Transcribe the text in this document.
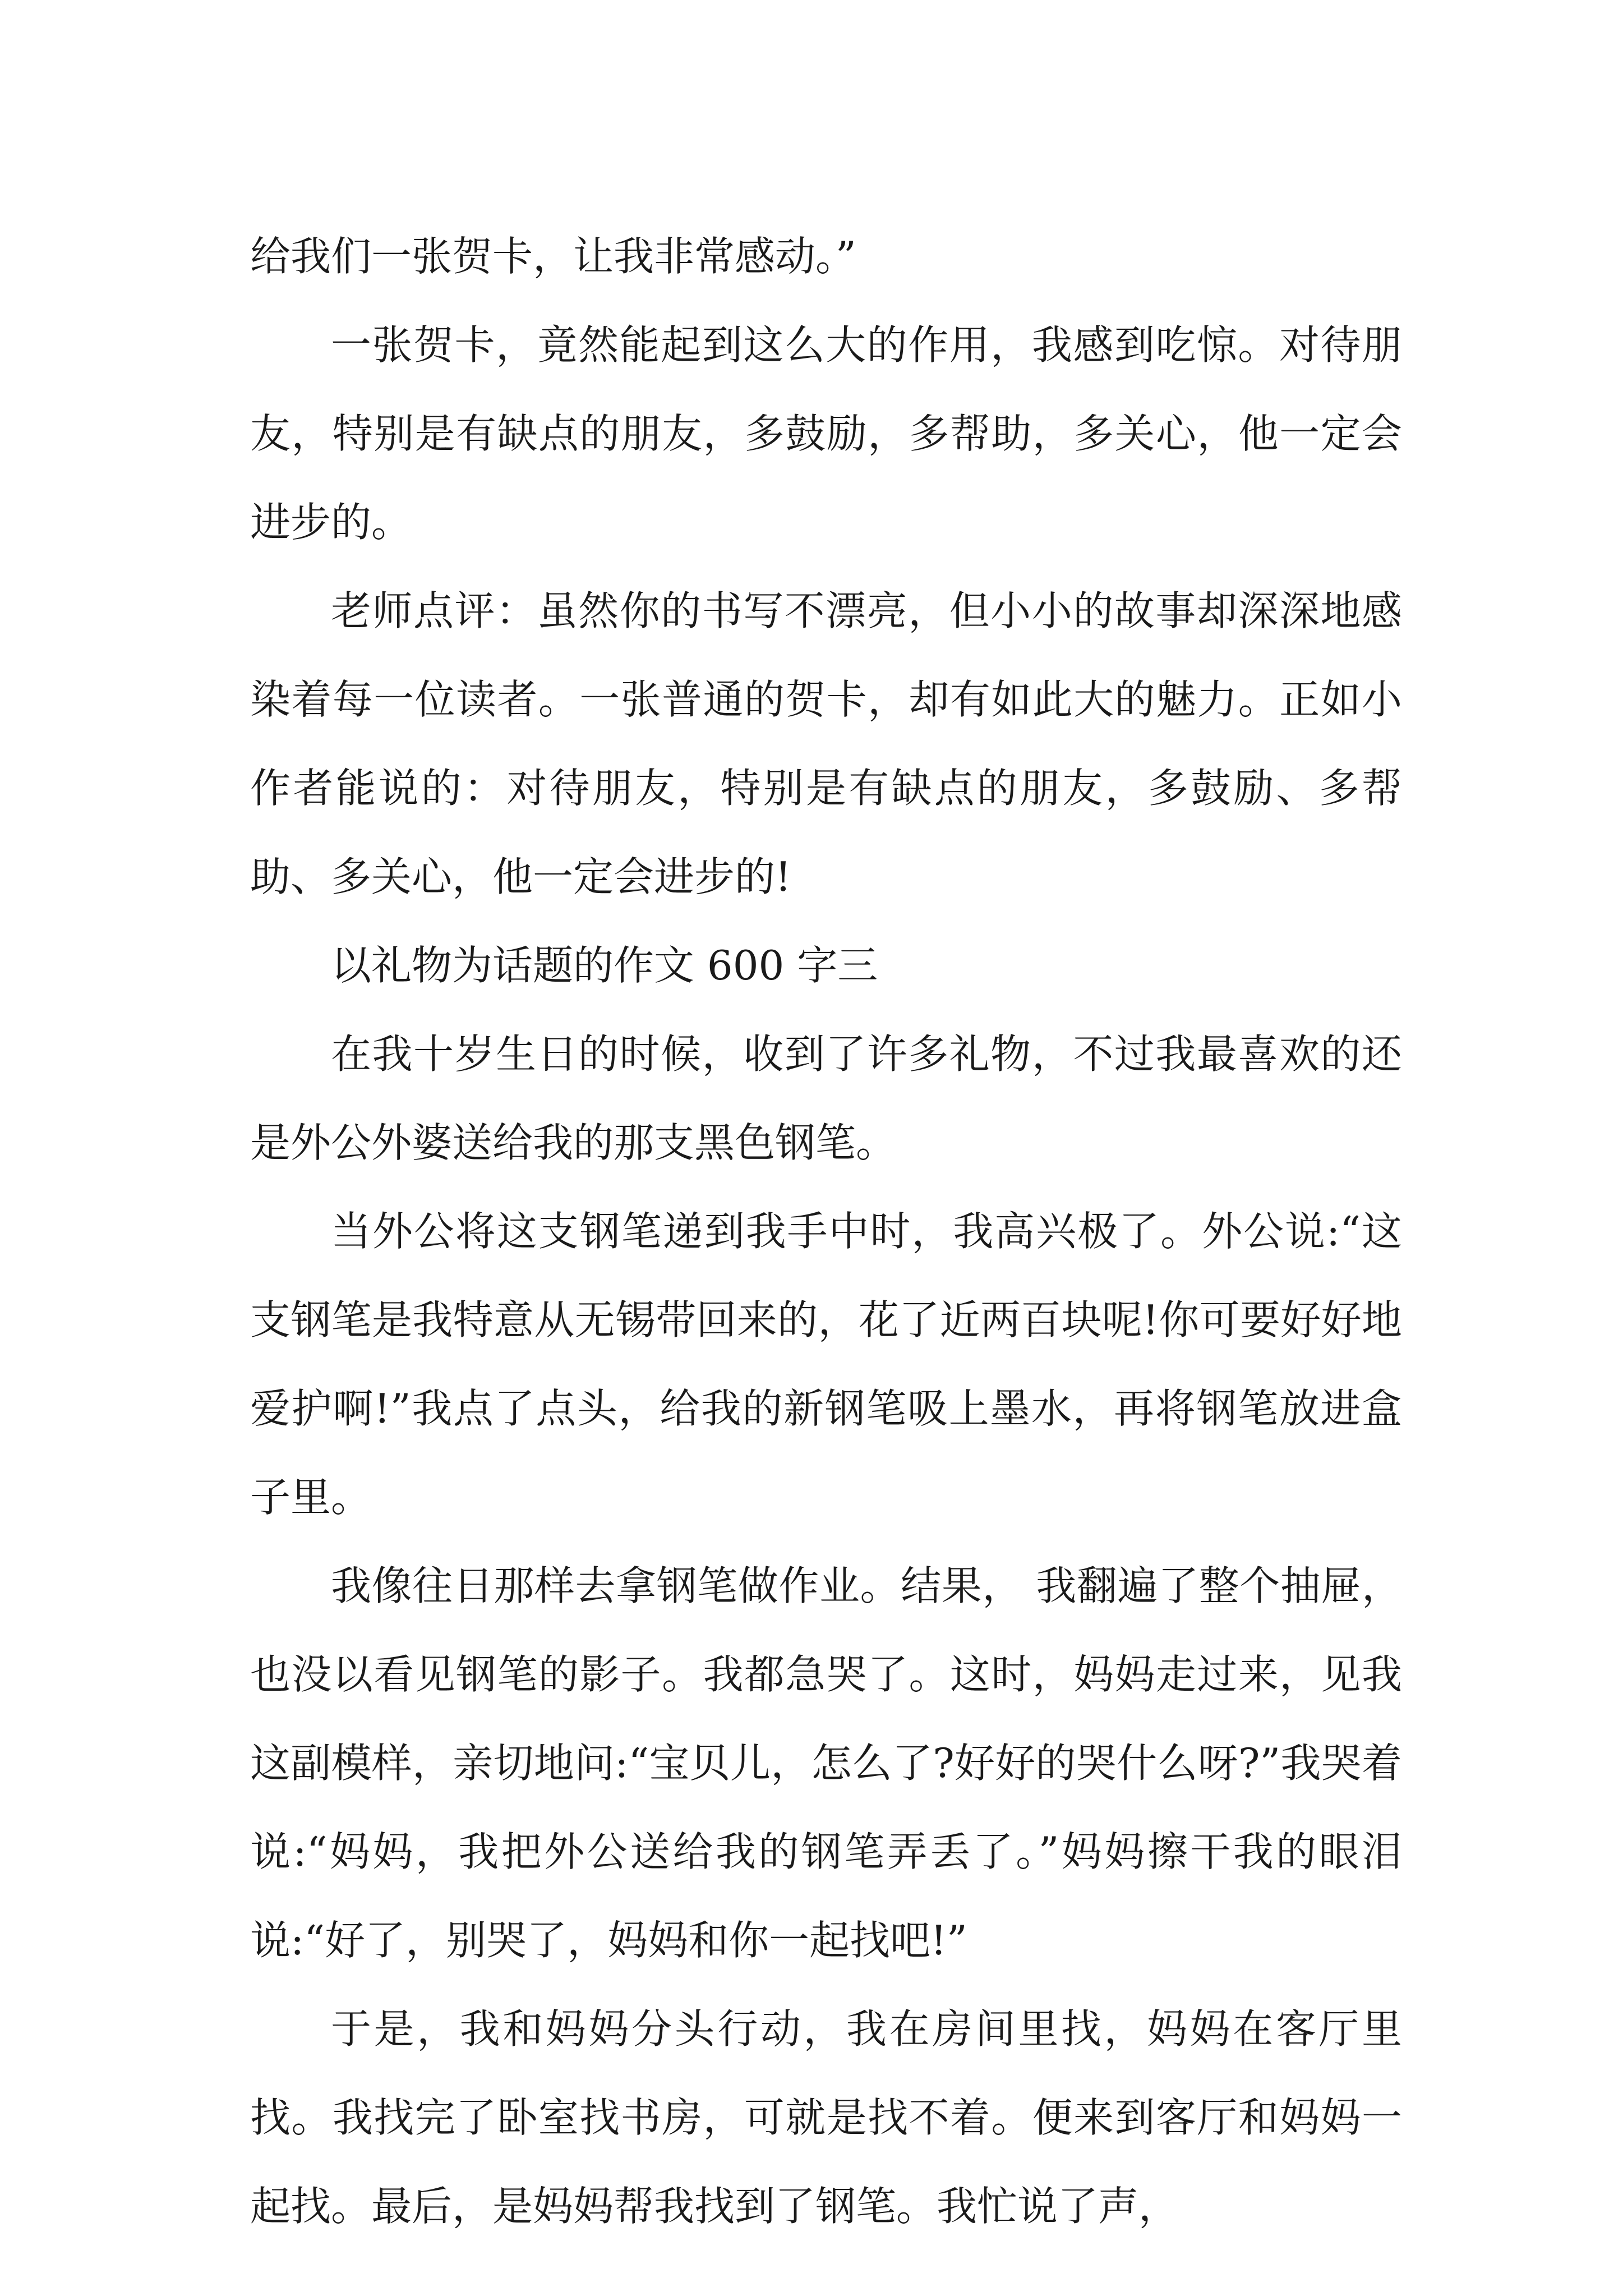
给我们一张贺卡，让我非常感动。”

一张贺卡，竟然能起到这么大的作用，我感到吃惊。对待朋友，特别是有缺点的朋友，多鼓励，多帮助，多关心，他一定会进步的。

老师点评：虽然你的书写不漂亮，但小小的故事却深深地感染着每一位读者。一张普通的贺卡，却有如此大的魅力。正如小作者能说的：对待朋友，特别是有缺点的朋友，多鼓励、多帮助、多关心，他一定会进步的!

以礼物为话题的作文 600 字三

在我十岁生日的时候，收到了许多礼物，不过我最喜欢的还是外公外婆送给我的那支黑色钢笔。

当外公将这支钢笔递到我手中时，我高兴极了。外公说:“这支钢笔是我特意从无锡带回来的，花了近两百块呢!你可要好好地爱护啊!”我点了点头，给我的新钢笔吸上墨水，再将钢笔放进盒子里。

我像往日那样去拿钢笔做作业。结果， 我翻遍了整个抽屉，也没以看见钢笔的影子。我都急哭了。这时，妈妈走过来，见我这副模样，亲切地问:“宝贝儿，怎么了?好好的哭什么呀?”我哭着说:“妈妈，我把外公送给我的钢笔弄丢了。”妈妈擦干我的眼泪说:“好了，别哭了，妈妈和你一起找吧!”

于是，我和妈妈分头行动，我在房间里找，妈妈在客厅里找。我找完了卧室找书房，可就是找不着。便来到客厅和妈妈一起找。最后，是妈妈帮我找到了钢笔。我忙说了声，
